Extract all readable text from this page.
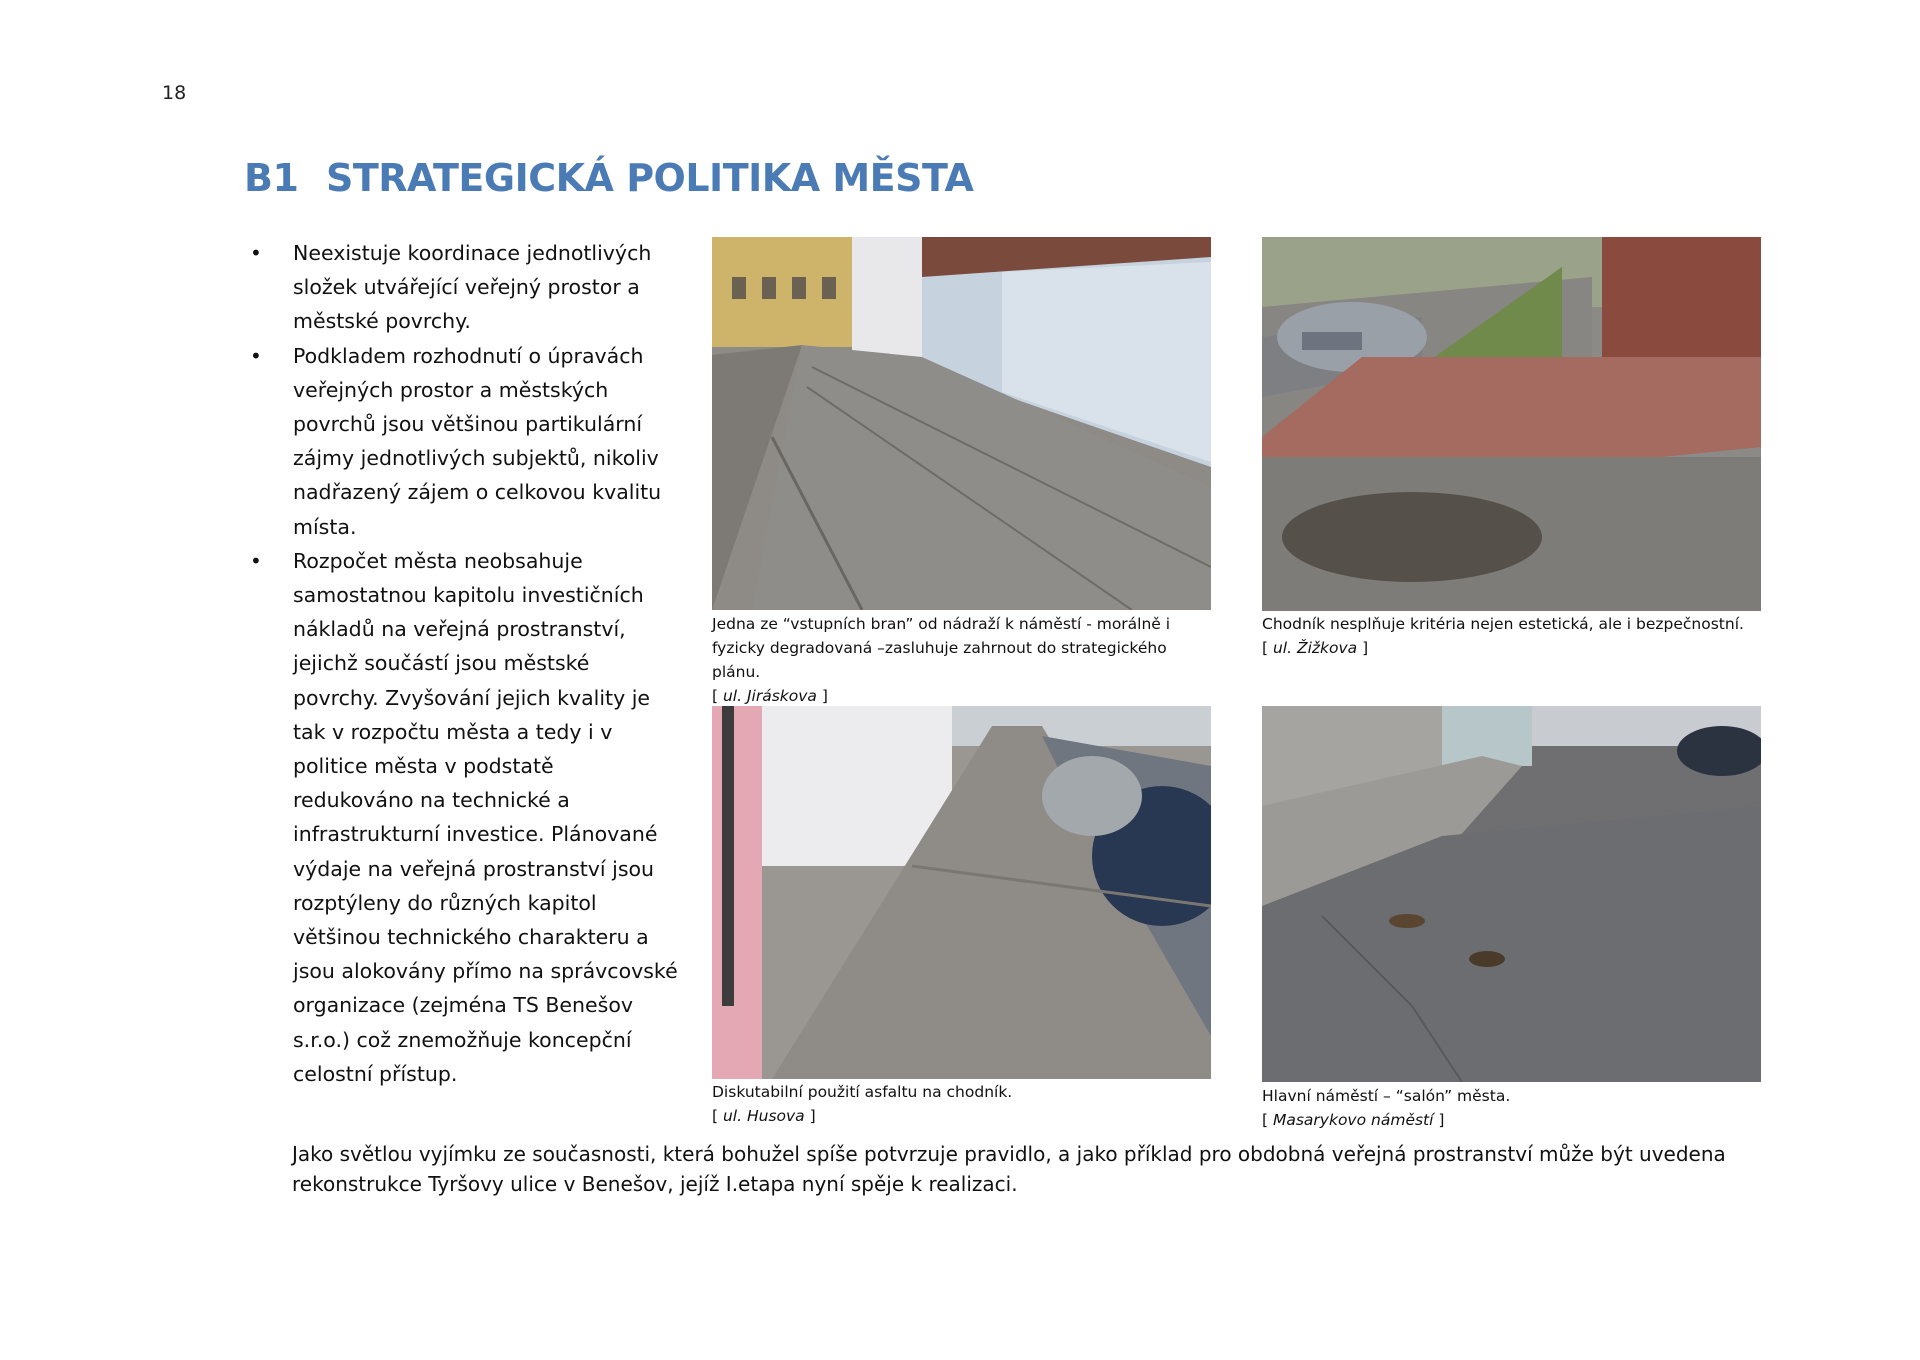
18
B1 STRATEGICKÁ POLITIKA MĚSTA
• Neexistuje koordinace jednotlivých složek utvářející veřejný prostor a městské povrchy.
• Podkladem rozhodnutí o úpravách veřejných prostor a městských povrchů jsou většinou partikulární zájmy jednotlivých subjektů, nikoliv nadřazený zájem o celkovou kvalitu místa.
• Rozpočet města neobsahuje samostatnou kapitolu investičních nákladů na veřejná prostranství, jejichž součástí jsou městské povrchy. Zvyšování jejich kvality je tak v rozpočtu města a tedy i v politice města v podstatě redukováno na technické a infrastrukturní investice. Plánované výdaje na veřejná prostranství jsou rozptýleny do různých kapitol většinou technického charakteru a jsou alokovány přímo na správcovské organizace (zejména TS Benešov s.r.o.) což znemožňuje koncepční celostní přístup.
Jedna ze “vstupních bran” od nádraží k náměstí - morálně i fyzicky degradovaná –zasluhuje zahrnout do strategického plánu.
[ ul. Jiráskova ]
Chodník nesplňuje kritéria nejen estetická, ale i bezpečnostní.
[ ul. Žižkova ]
Diskutabilní použití asfaltu na chodník.
[ ul. Husova ]
Hlavní náměstí – “salón” města.
[ Masarykovo náměstí ]

Jako světlou vyjímku ze současnosti, která bohužel spíše potvrzuje pravidlo, a jako příklad pro obdobná veřejná prostranství může být uvedena rekonstrukce Tyršovy ulice v Benešov, jejíž I.etapa nyní spěje k realizaci.
